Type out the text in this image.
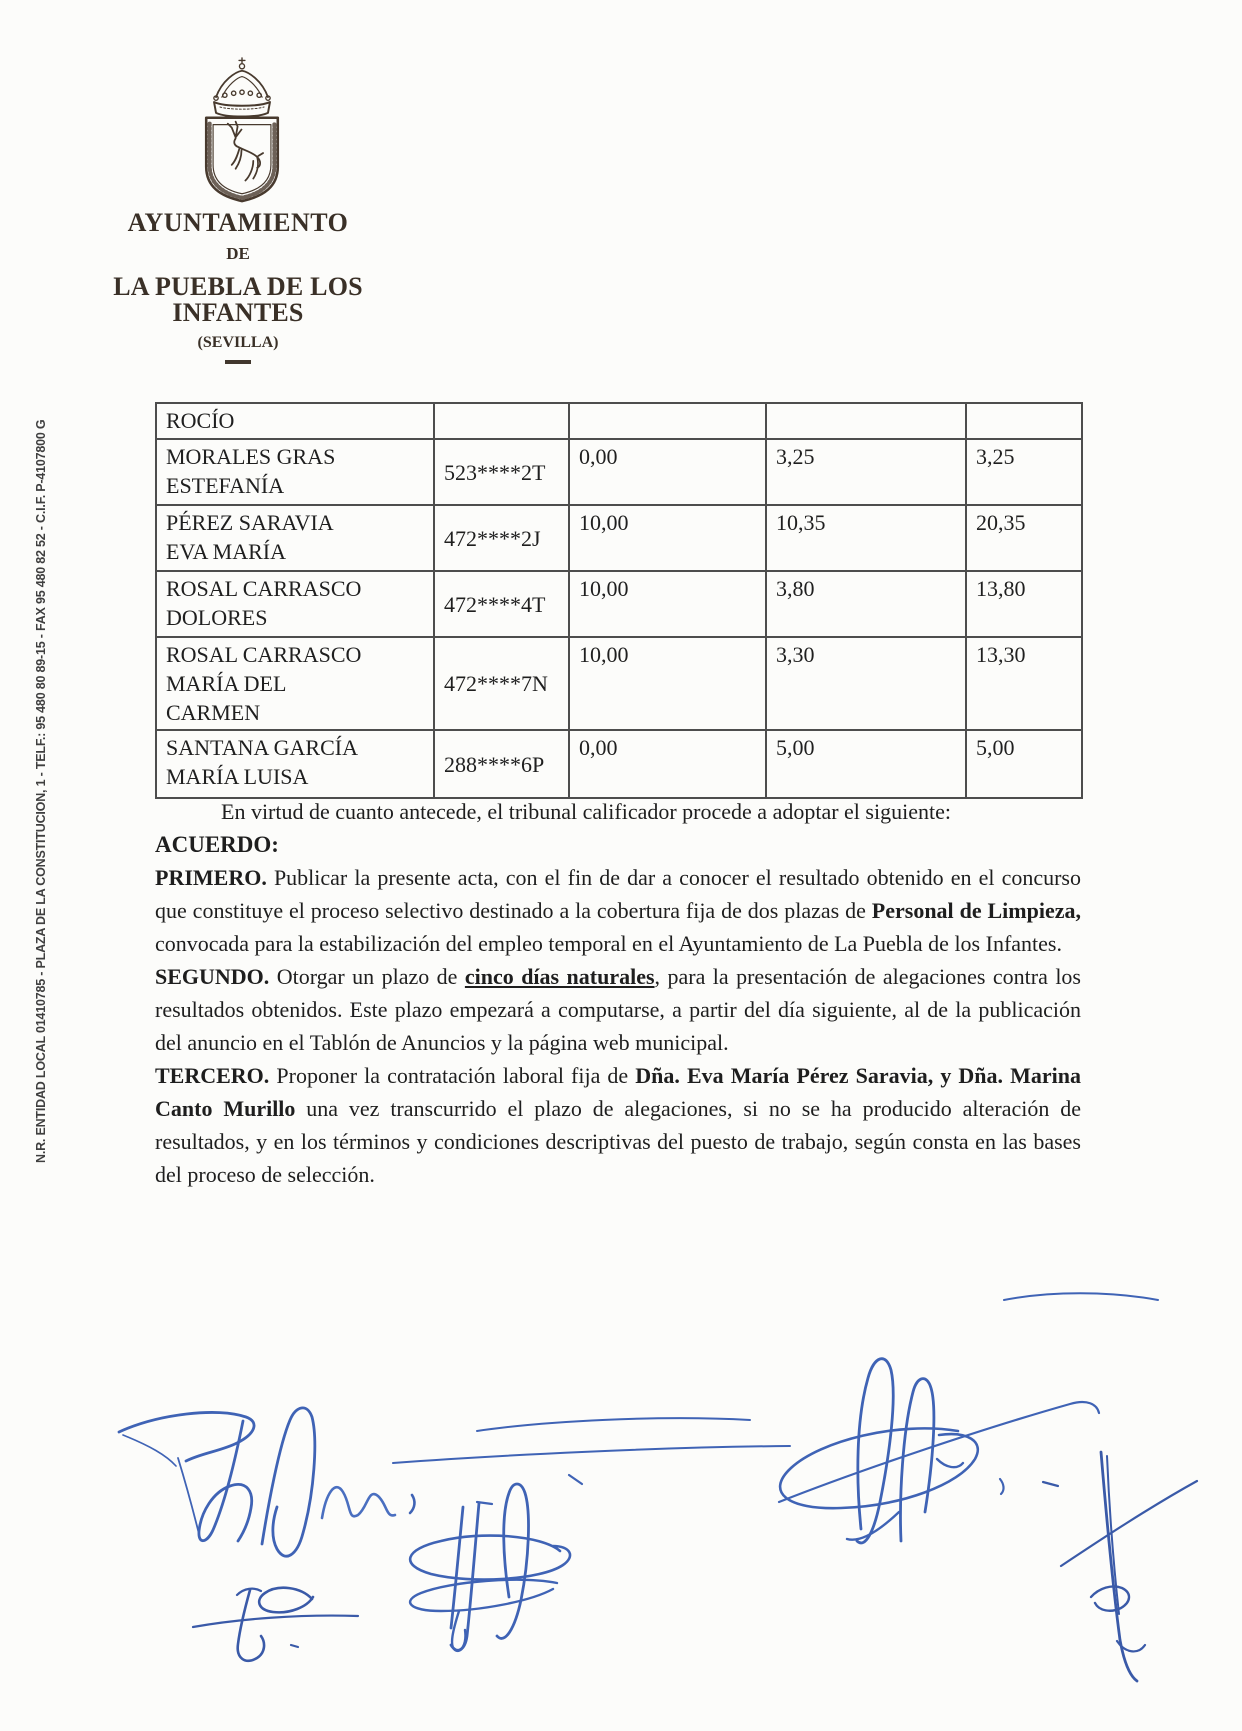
N.R. ENTIDAD LOCAL 01410785 - PLAZA DE LA CONSTITUCION, 1 - TELF.: 95 480 80 89-15 - FAX 95 480 82 52 - C.I.F. P-4107800 G
AYUNTAMIENTO
DE
LA PUEBLA DE LOS INFANTES
(SEVILLA)
ROCÍO				

MORALES GRAS
ESTEFANÍA	523****2T	0,00	3,25	3,25

PÉREZ SARAVIA
EVA MARÍA	472****2J	10,00	10,35	20,35

ROSAL CARRASCO
DOLORES	472****4T	10,00	3,80	13,80

ROSAL CARRASCO
MARÍA DEL
CARMEN	472****7N	10,00	3,30	13,30

SANTANA GARCÍA
MARÍA LUISA	288****6P	0,00	5,00	5,00

En virtud de cuanto antecede, el tribunal calificador procede a adoptar el siguiente:

ACUERDO:

PRIMERO. Publicar la presente acta, con el fin de dar a conocer el resultado obtenido en el concurso que constituye el proceso selectivo destinado a la cobertura fija de dos plazas de Personal de Limpieza, convocada para la estabilización del empleo temporal en el Ayuntamiento de La Puebla de los Infantes.

SEGUNDO. Otorgar un plazo de cinco días naturales, para la presentación de alegaciones contra los resultados obtenidos. Este plazo empezará a computarse, a partir del día siguiente, al de la publicación del anuncio en el Tablón de Anuncios y la página web municipal.

TERCERO. Proponer la contratación laboral fija de Dña. Eva María Pérez Saravia, y Dña. Marina Canto Murillo una vez transcurrido el plazo de alegaciones, si no se ha producido alteración de resultados, y en los términos y condiciones descriptivas del puesto de trabajo, según consta en las bases del proceso de selección.
